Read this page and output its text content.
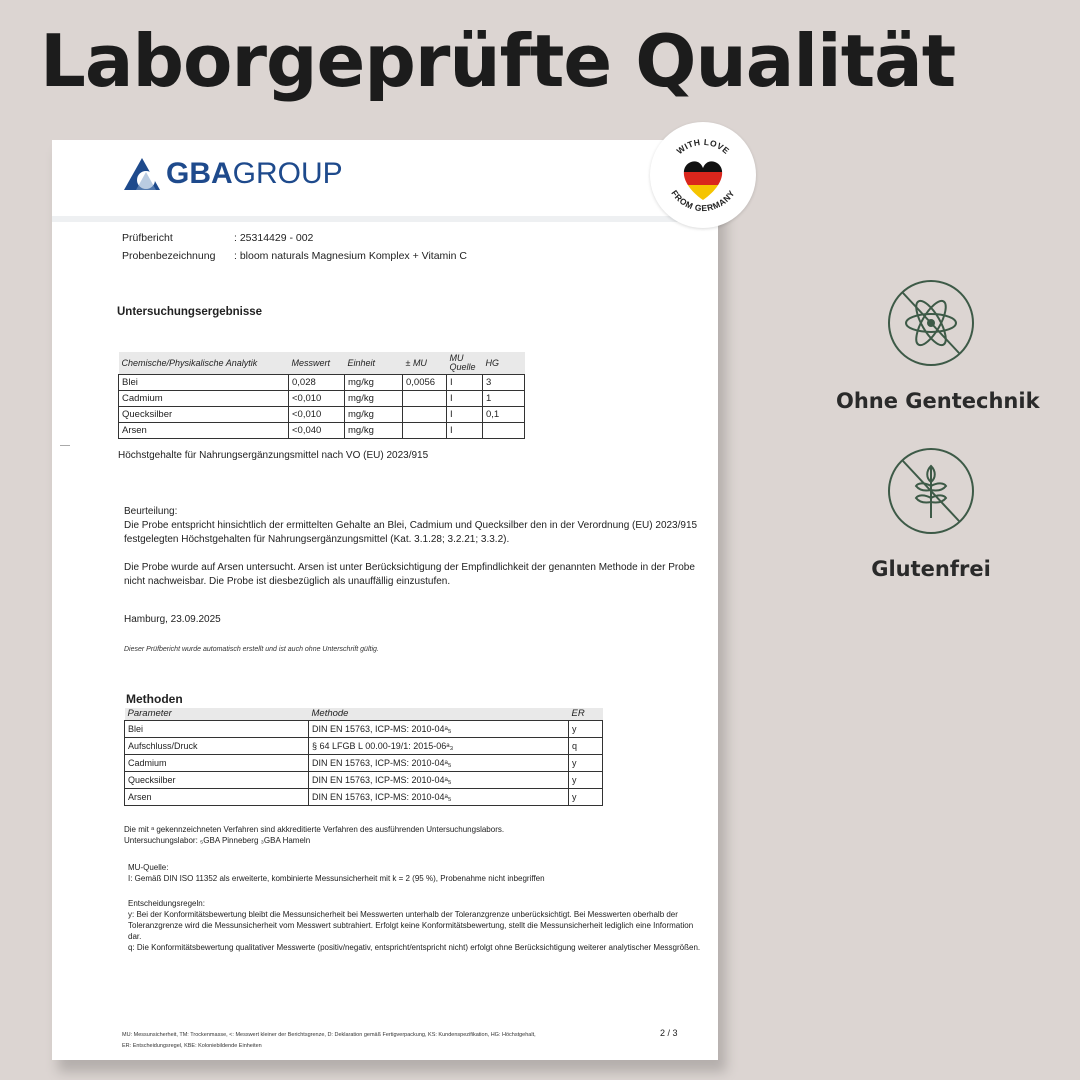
Laborgeprüfte Qualität
GBA GROUP
Prüfbericht	: 25314429 - 002
Probenbezeichnung	: bloom naturals Magnesium Komplex + Vitamin C
Untersuchungsergebnisse
Chemische/Physikalische Analytik	Messwert	Einheit	± MU	MU Quelle	HG
Blei	0,028	mg/kg	0,0056	I	3
Cadmium	<0,010	mg/kg		I	1
Quecksilber	<0,010	mg/kg		I	0,1
Arsen	<0,040	mg/kg		I	
Höchstgehalte für Nahrungsergänzungsmittel nach VO (EU) 2023/915
Beurteilung:

Die Probe entspricht hinsichtlich der ermittelten Gehalte an Blei, Cadmium und Quecksilber den in der Verordnung (EU) 2023/915 festgelegten Höchstgehalten für Nahrungsergänzungsmittel (Kat. 3.1.28; 3.2.21; 3.3.2).

Die Probe wurde auf Arsen untersucht. Arsen ist unter Berücksichtigung der Empfindlichkeit der genannten Methode in der Probe nicht nachweisbar. Die Probe ist diesbezüglich als unauffällig einzustufen.

Hamburg, 23.09.2025
Dieser Prüfbericht wurde automatisch erstellt und ist auch ohne Unterschrift gültig.
Methoden
Parameter	Methode	ER
Blei	DIN EN 15763, ICP-MS: 2010-04ᵃ₅	y
Aufschluss/Druck	§ 64 LFGB L 00.00-19/1: 2015-06ᵃ₃	q
Cadmium	DIN EN 15763, ICP-MS: 2010-04ᵃ₅	y
Quecksilber	DIN EN 15763, ICP-MS: 2010-04ᵃ₅	y
Arsen	DIN EN 15763, ICP-MS: 2010-04ᵃ₅	y
Die mit ᵃ gekennzeichneten Verfahren sind akkreditierte Verfahren des ausführenden Untersuchungslabors.
Untersuchungslabor: ₅GBA Pinneberg ₃GBA Hameln
MU-Quelle:
I: Gemäß DIN ISO 11352 als erweiterte, kombinierte Messunsicherheit mit k = 2 (95 %), Probenahme nicht inbegriffen
Entscheidungsregeln:
y: Bei der Konformitätsbewertung bleibt die Messunsicherheit bei Messwerten unterhalb der Toleranzgrenze unberücksichtigt. Bei Messwerten oberhalb der Toleranzgrenze wird die Messunsicherheit vom Messwert subtrahiert. Erfolgt keine Konformitätsbewertung, stellt die Messunsicherheit lediglich eine Information dar.
q: Die Konformitätsbewertung qualitativer Messwerte (positiv/negativ, entspricht/entspricht nicht) erfolgt ohne Berücksichtigung weiterer analytischer Messgrößen.
MU: Messunsicherheit, TM: Trockenmasse, <: Messwert kleiner der Berichtsgrenze, D: Deklaration gemäß Fertigverpackung, KS: Kundenspezifikation, HG: Höchstgehalt,
ER: Entscheidungsregel, KBE: Koloniebildende Einheiten
2 / 3
WITH LOVE
FROM GERMANY
Ohne Gentechnik
Glutenfrei
